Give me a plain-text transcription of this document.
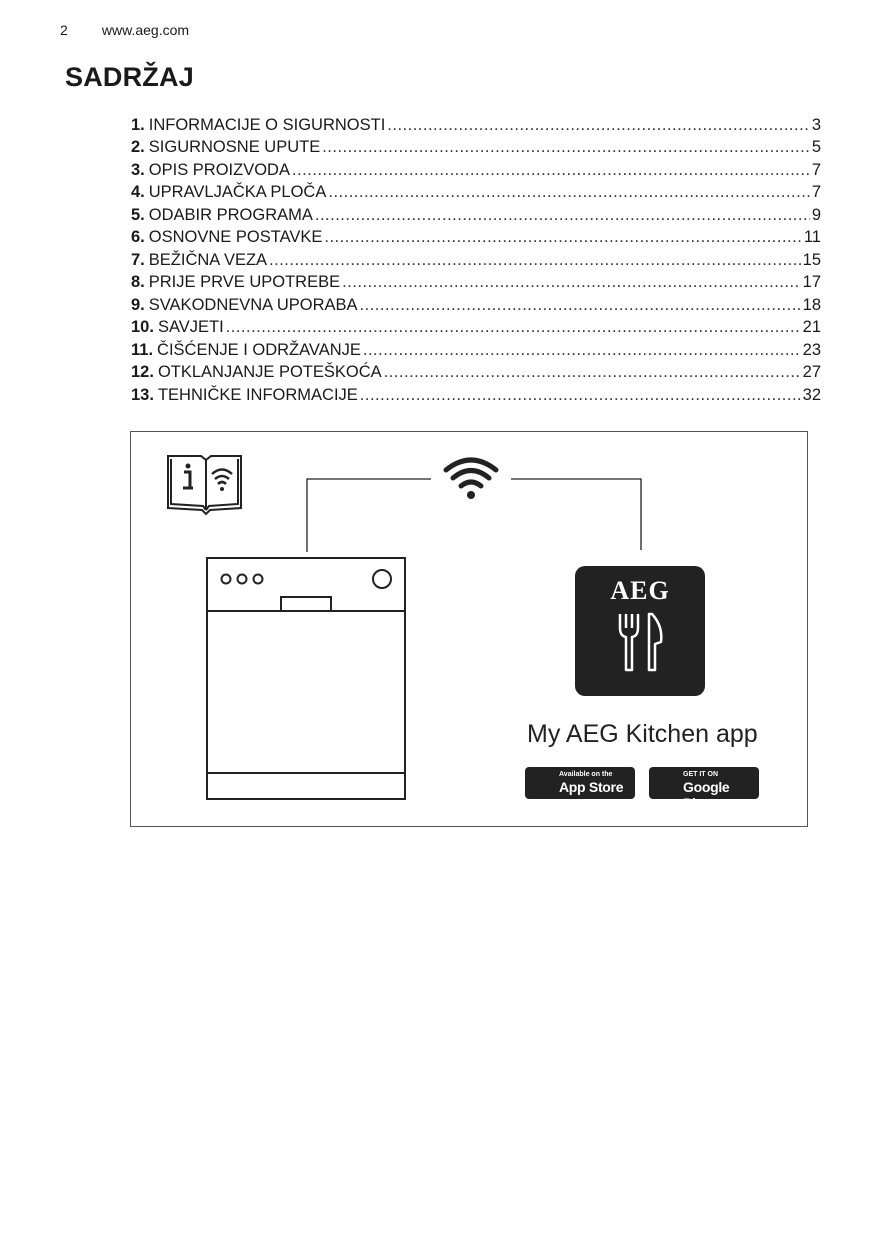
2 www.aeg.com
SADRŽAJ
1. INFORMACIJE O SIGURNOSTI .....	3
2. SIGURNOSNE UPUTE .....	5
3. OPIS PROIZVODA .....	7
4. UPRAVLJAČKA PLOČA .....	7
5. ODABIR PROGRAMA .....	9
6. OSNOVNE POSTAVKE .....	11
7. BEŽIČNA VEZA .....	15
8. PRIJE PRVE UPOTREBE .....	17
9. SVAKODNEVNA UPORABA .....	18
10. SAVJETI .....	21
11. ČIŠĆENJE I ODRŽAVANJE .....	23
12. OTKLANJANJE POTEŠKOĆA .....	27
13. TEHNIČKE INFORMACIJE .....	32
AEG
My AEG Kitchen app
Available on the
App Store
GET IT ON
Google Play
